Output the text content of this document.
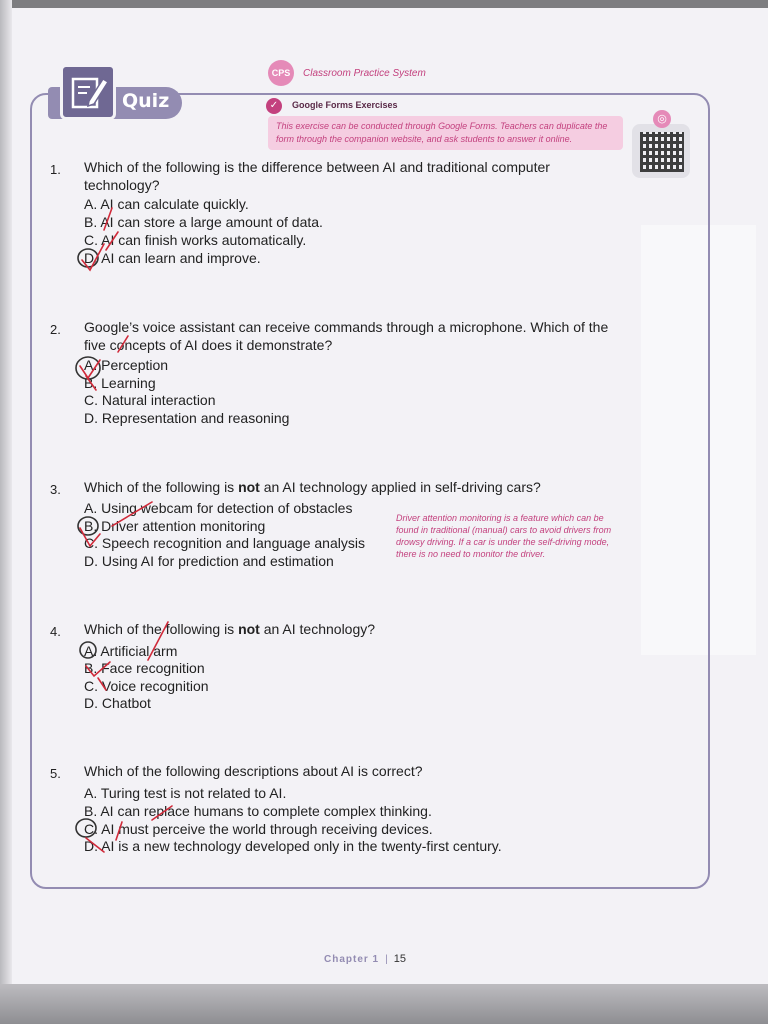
Quiz
CPS	Classroom Practice System
✓	Google Forms Exercises
This exercise can be conducted through Google Forms. Teachers can duplicate the form through the companion website, and ask students to answer it online.
◎
1. Which of the following is the difference between AI and traditional computer
technology?
A. AI can calculate quickly.
B. AI can store a large amount of data.
C. AI can finish works automatically.
D. AI can learn and improve.
2. Google’s voice assistant can receive commands through a microphone. Which of the
five concepts of AI does it demonstrate?
A. Perception
B. Learning
C. Natural interaction
D. Representation and reasoning
3. Which of the following is not an AI technology applied in self-driving cars?
A. Using webcam for detection of obstacles
B. Driver attention monitoring
C. Speech recognition and language analysis
D. Using AI for prediction and estimation
Driver attention monitoring is a feature which can be found in traditional (manual) cars to avoid drivers from drowsy driving. If a car is under the self-driving mode, there is no need to monitor the driver.
4. Which of the following is not an AI technology?
A. Artificial arm
B. Face recognition
C. Voice recognition
D. Chatbot
5. Which of the following descriptions about AI is correct?
A. Turing test is not related to AI.
B. AI can replace humans to complete complex thinking.
C. AI must perceive the world through receiving devices.
D. AI is a new technology developed only in the twenty-first century.
Chapter 1 | 15
